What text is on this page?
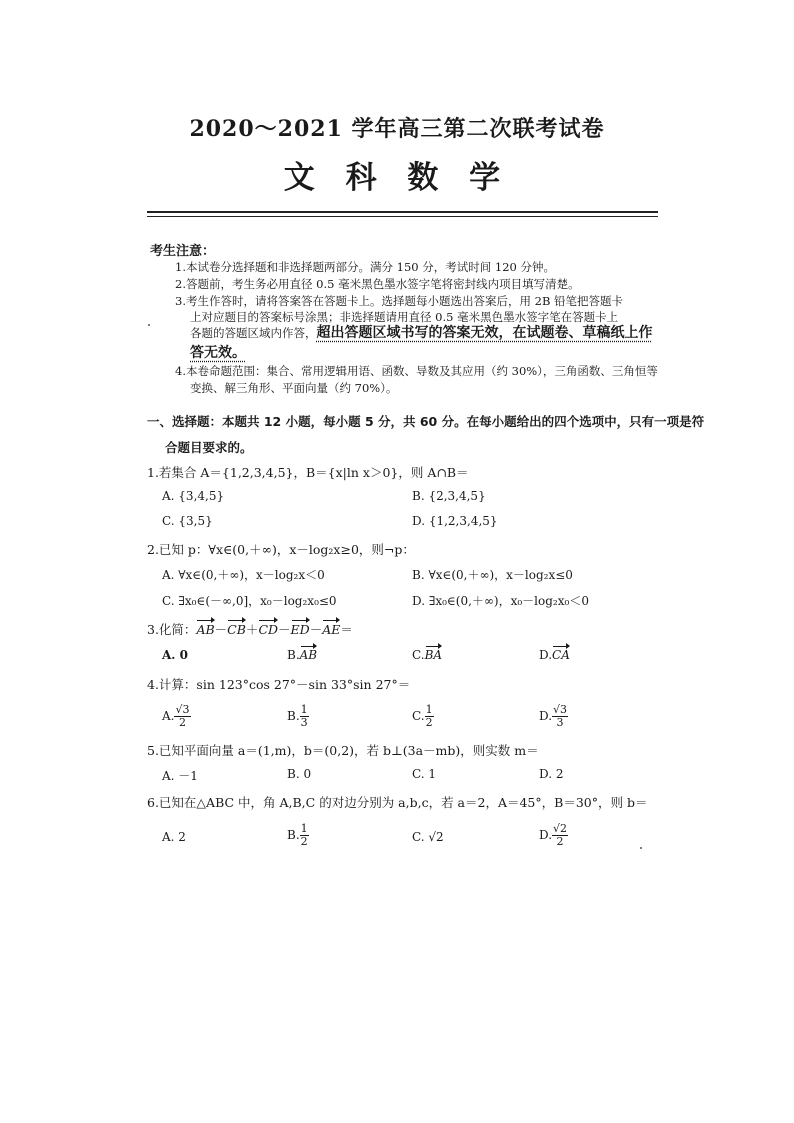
2020～2021 学年高三第二次联考试卷
文 科 数 学
考生注意：
1.本试卷分选择题和非选择题两部分。满分 150 分，考试时间 120 分钟。
2.答题前，考生务必用直径 0.5 毫米黑色墨水签字笔将密封线内项目填写清楚。
3.考生作答时，请将答案答在答题卡上。选择题每小题选出答案后，用 2B 铅笔把答题卡
上对应题目的答案标号涂黑；非选择题请用直径 0.5 毫米黑色墨水签字笔在答题卡上
各题的答题区域内作答，超出答题区域书写的答案无效，在试题卷、草稿纸上作
答无效。
4.本卷命题范围：集合、常用逻辑用语、函数、导数及其应用（约 30%），三角函数、三角恒等
变换、解三角形、平面向量（约 70%）。
一、选择题：本题共 12 小题，每小题 5 分，共 60 分。在每小题给出的四个选项中，只有一项是符
合题目要求的。
1.若集合 A＝{1,2,3,4,5}，B＝{x|ln x＞0}，则 A∩B＝
A. {3,4,5}	B. {2,3,4,5}
C. {3,5}	D. {1,2,3,4,5}
2.已知 p：∀x∈(0,＋∞)，x－log₂x≥0，则¬p：
A. ∀x∈(0,＋∞)，x－log₂x＜0	B. ∀x∈(0,＋∞)，x－log₂x≤0
C. ∃x₀∈(－∞,0]，x₀－log₂x₀≤0	D. ∃x₀∈(0,＋∞)，x₀－log₂x₀＜0
3.化简：AB－CB＋CD－ED－AE＝
A. 0	B.AB	C.BA	D.CA
4.计算：sin 123°cos 27°－sin 33°sin 27°＝
A. $\frac{√3}{2}$	B. $\frac{1}{3}$	C. $\frac{1}{2}$	D. $\frac{√3}{3}$
5.已知平面向量 a＝(1,m)，b＝(0,2)，若 b⊥(3a－mb)，则实数 m＝
A. －1	B. 0	C. 1	D. 2
6.已知在△ABC 中，角 A,B,C 的对边分别为 a,b,c，若 a＝2，A＝45°，B＝30°，则 b＝
A. 2	B. $\frac{1}{2}$	C. √2	D. $\frac{√2}{2}$
